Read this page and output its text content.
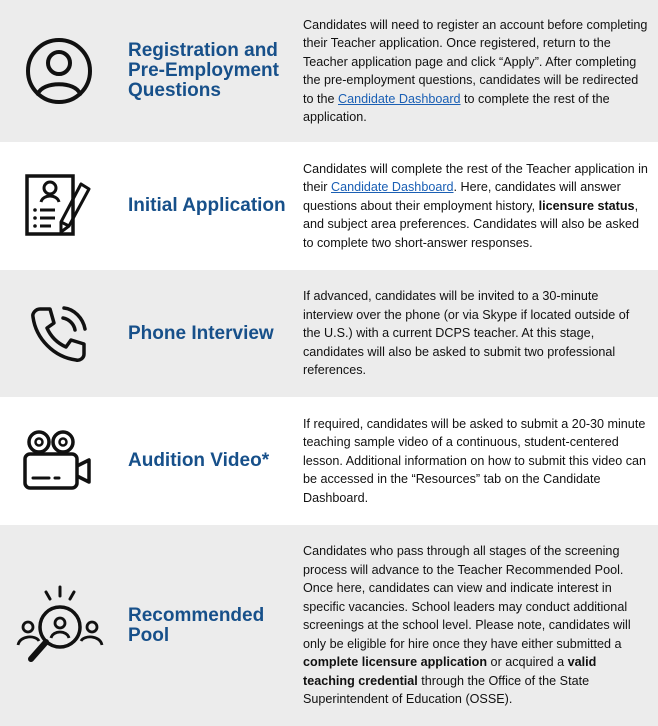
Registration and Pre-Employment Questions

Candidates will need to register an account before completing their Teacher application. Once registered, return to the Teacher application page and click “Apply”. After completing the pre-employment questions, candidates will be redirected to the Candidate Dashboard to complete the rest of the application.

Initial Application

Candidates will complete the rest of the Teacher application in their Candidate Dashboard. Here, candidates will answer questions about their employment history, licensure status, and subject area preferences. Candidates will also be asked to complete two short-answer responses.

Phone Interview

If advanced, candidates will be invited to a 30-minute interview over the phone (or via Skype if located outside of the U.S.) with a current DCPS teacher. At this stage, candidates will also be asked to submit two professional references.

Audition Video*

If required, candidates will be asked to submit a 20-30 minute teaching sample video of a continuous, student-centered lesson. Additional information on how to submit this video can be accessed in the “Resources” tab on the Candidate Dashboard.

Recommended Pool

Candidates who pass through all stages of the screening process will advance to the Teacher Recommended Pool. Once here, candidates can view and indicate interest in specific vacancies. School leaders may conduct additional screenings at the school level. Please note, candidates will only be eligible for hire once they have either submitted a complete licensure application or acquired a valid teaching credential through the Office of the State Superintendent of Education (OSSE).
